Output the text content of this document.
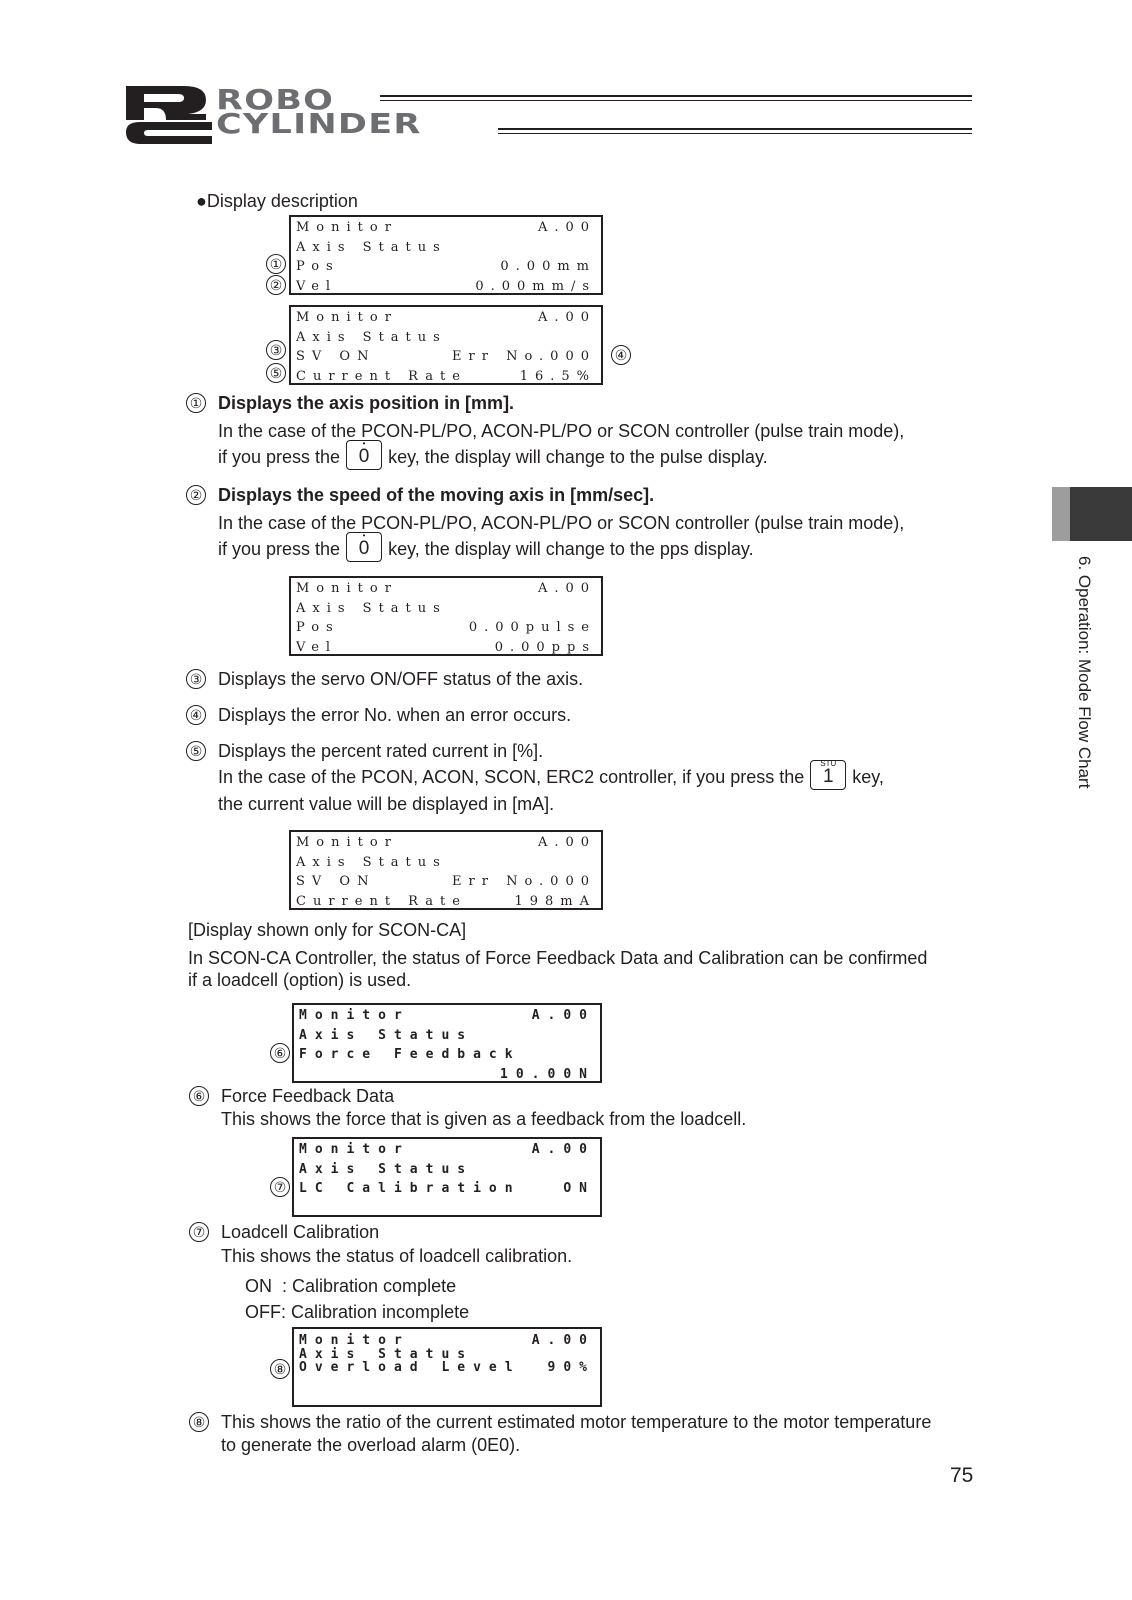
ROBO
CYLINDER
6. Operation: Mode Flow Chart
●Display description
Monitor	A.00
Axis Status
Pos	0.00mm
Vel	0.00mm/s
①
②
Monitor	A.00
Axis Status
SV ON	Err No.000
Current Rate	16.5%
③
⑤
④
① Displays the axis position in [mm].
In the case of the PCON-PL/PO, ACON-PL/PO or SCON controller (pulse train mode),
if you press the
•
0 key, the display will change to the pulse display.
② Displays the speed of the moving axis in [mm/sec].
In the case of the PCON-PL/PO, ACON-PL/PO or SCON controller (pulse train mode),
if you press the
•
0 key, the display will change to the pps display.
Monitor	A.00
Axis Status
Pos	0.00pulse
Vel	0.00pps
③ Displays the servo ON/OFF status of the axis.
④ Displays the error No. when an error occurs.
⑤ Displays the percent rated current in [%].
In the case of the PCON, ACON, SCON, ERC2 controller, if you press the
STU
1 key,
the current value will be displayed in [mA].
Monitor	A.00
Axis Status
SV ON	Err No.000
Current Rate	198mA
[Display shown only for SCON-CA]
In SCON-CA Controller, the status of Force Feedback Data and Calibration can be confirmed
if a loadcell (option) is used.
Monitor	A.00
Axis Status
Force Feedback
10.00N
⑥
⑥ Force Feedback Data
This shows the force that is given as a feedback from the loadcell.
Monitor	A.00
Axis Status
LC Calibration	ON
⑦
⑦ Loadcell Calibration
This shows the status of loadcell calibration.
ON  : Calibration complete
OFF: Calibration incomplete
Monitor	A.00
Axis Status
Overload Level 90%
⑧
⑧ This shows the ratio of the current estimated motor temperature to the motor temperature
to generate the overload alarm (0E0).
75
